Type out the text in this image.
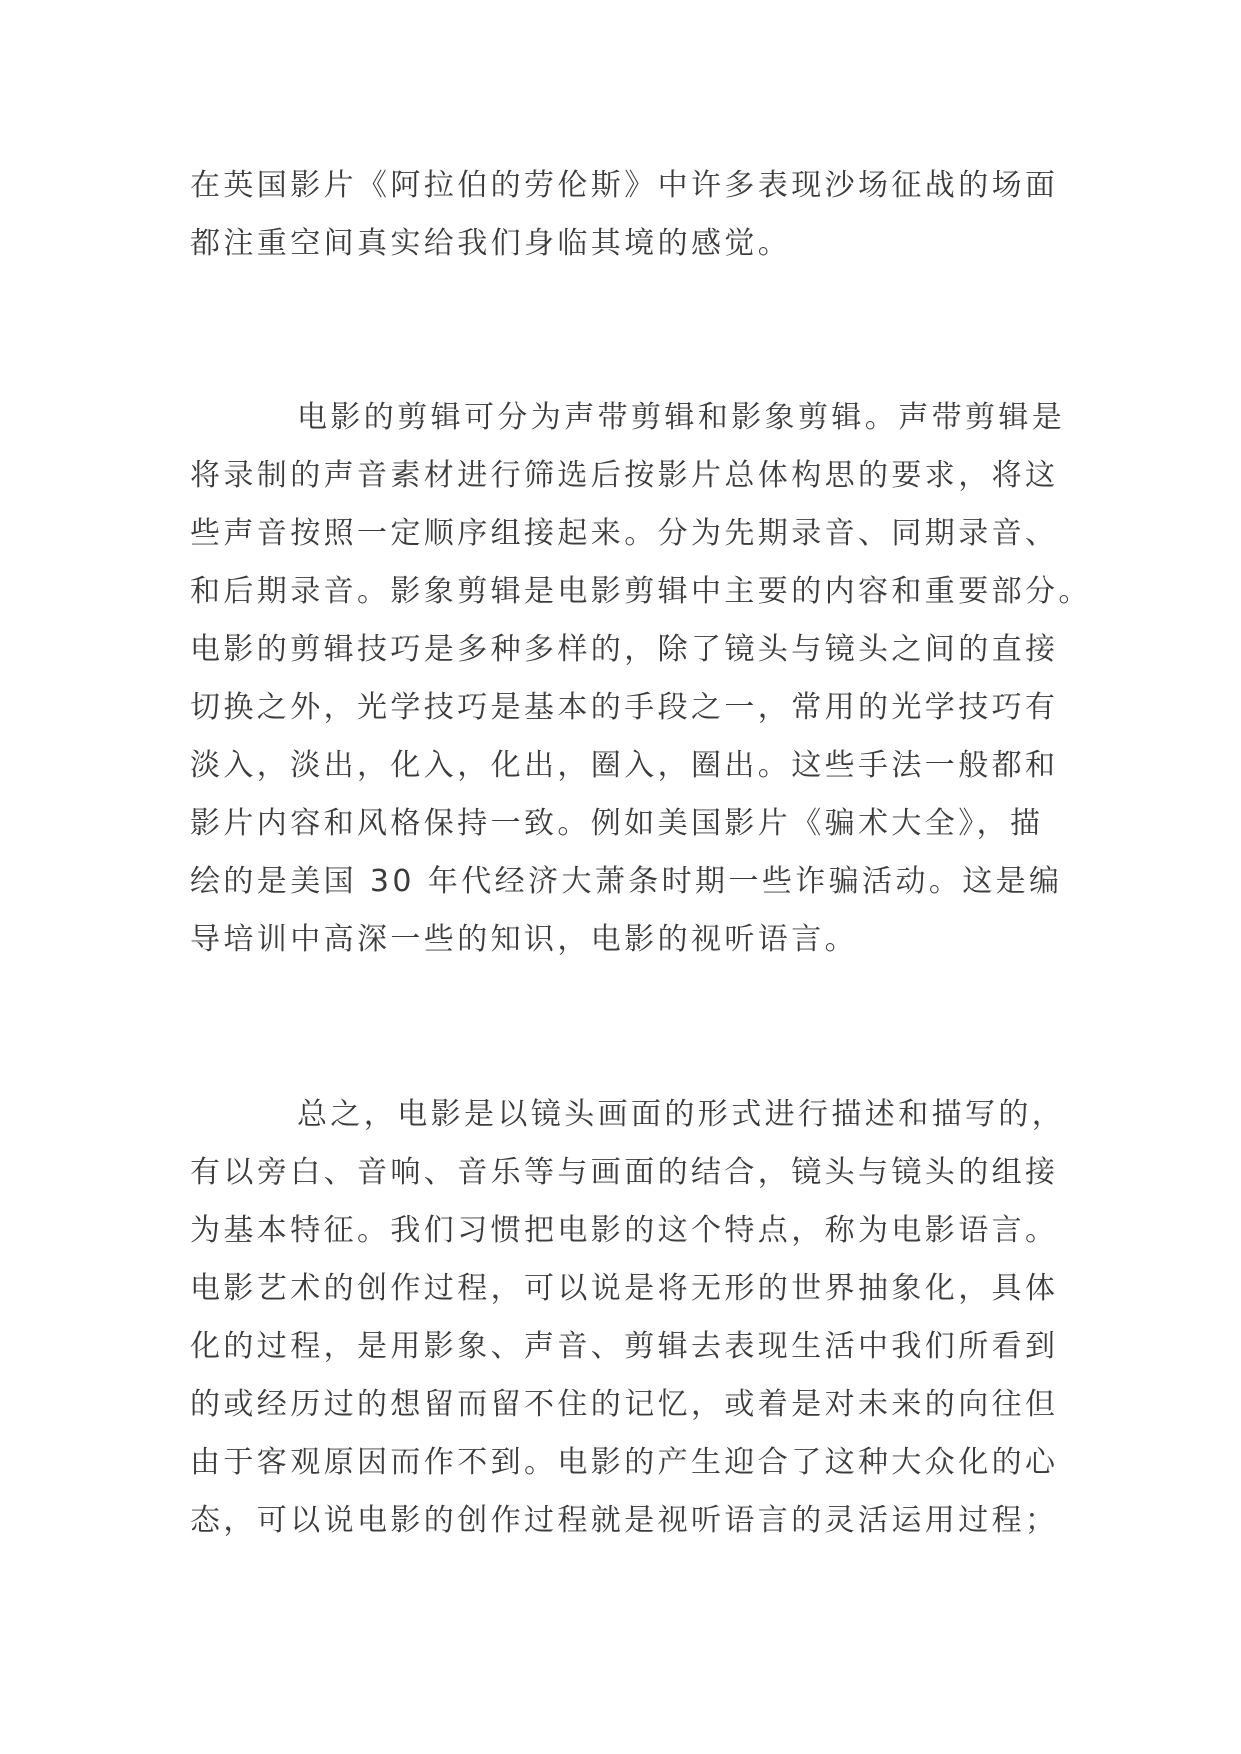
在英国影片《阿拉伯的劳伦斯》中许多表现沙场征战的场面
都注重空间真实给我们身临其境的感觉。
电影的剪辑可分为声带剪辑和影象剪辑。声带剪辑是
将录制的声音素材进行筛选后按影片总体构思的要求，将这
些声音按照一定顺序组接起来。分为先期录音、同期录音、
和后期录音。影象剪辑是电影剪辑中主要的内容和重要部分。
电影的剪辑技巧是多种多样的，除了镜头与镜头之间的直接
切换之外，光学技巧是基本的手段之一，常用的光学技巧有
淡入，淡出，化入，化出，圈入，圈出。这些手法一般都和
影片内容和风格保持一致。例如美国影片《骗术大全》，描
绘的是美国 30 年代经济大萧条时期一些诈骗活动。这是编
导培训中高深一些的知识，电影的视听语言。
总之，电影是以镜头画面的形式进行描述和描写的，
有以旁白、音响、音乐等与画面的结合，镜头与镜头的组接
为基本特征。我们习惯把电影的这个特点，称为电影语言。
电影艺术的创作过程，可以说是将无形的世界抽象化，具体
化的过程，是用影象、声音、剪辑去表现生活中我们所看到
的或经历过的想留而留不住的记忆，或着是对未来的向往但
由于客观原因而作不到。电影的产生迎合了这种大众化的心
态，可以说电影的创作过程就是视听语言的灵活运用过程；
